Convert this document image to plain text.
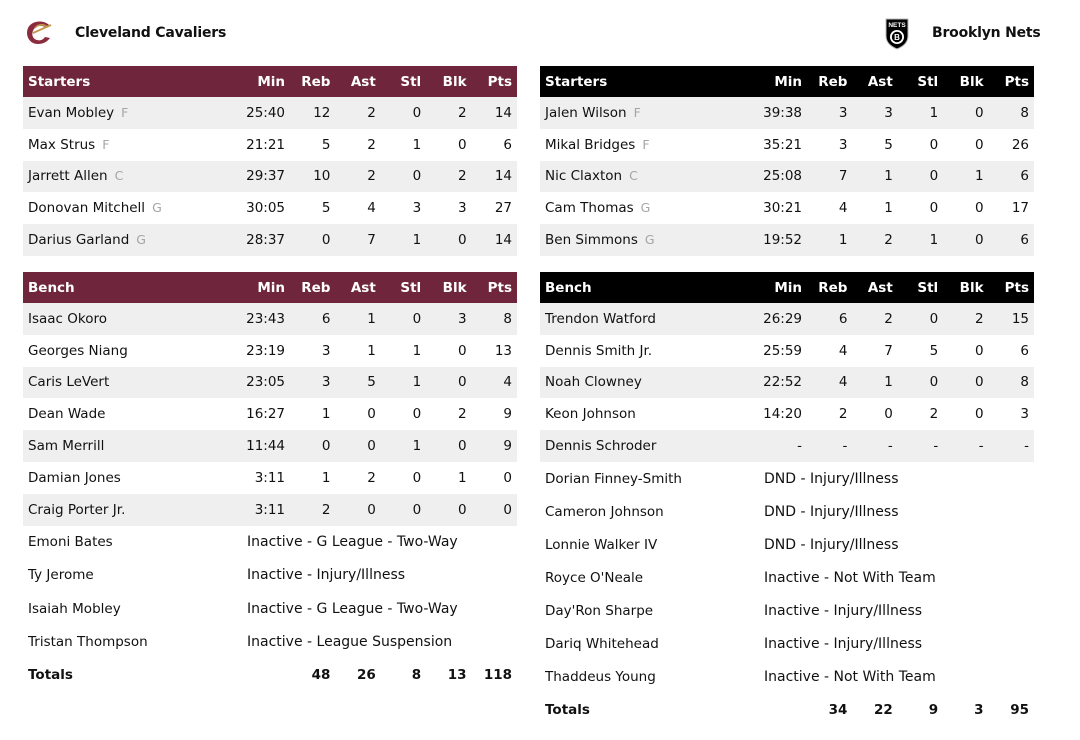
Cleveland Cavaliers	B
NETS Brooklyn Nets
Starters	Min	Reb	Ast	Stl	Blk	Pts
Evan Mobley F	25:40	12	2	0	2	14
Max Strus F	21:21	5	2	1	0	6
Jarrett Allen C	29:37	10	2	0	2	14
Donovan Mitchell G	30:05	5	4	3	3	27
Darius Garland G	28:37	0	7	1	0	14
Bench	Min	Reb	Ast	Stl	Blk	Pts
Isaac Okoro	23:43	6	1	0	3	8
Georges Niang	23:19	3	1	1	0	13
Caris LeVert	23:05	3	5	1	0	4
Dean Wade	16:27	1	0	0	2	9
Sam Merrill	11:44	0	0	1	0	9
Damian Jones	3:11	1	2	0	1	0
Craig Porter Jr.	3:11	2	0	0	0	0
Emoni Bates	Inactive - G League - Two-Way					
Ty Jerome	Inactive - Injury/Illness					
Isaiah Mobley	Inactive - G League - Two-Way					
Tristan Thompson	Inactive - League Suspension					
Totals		48	26	8	13	118
Starters	Min	Reb	Ast	Stl	Blk	Pts
Jalen Wilson F	39:38	3	3	1	0	8
Mikal Bridges F	35:21	3	5	0	0	26
Nic Claxton C	25:08	7	1	0	1	6
Cam Thomas G	30:21	4	1	0	0	17
Ben Simmons G	19:52	1	2	1	0	6
Bench	Min	Reb	Ast	Stl	Blk	Pts
Trendon Watford	26:29	6	2	0	2	15
Dennis Smith Jr.	25:59	4	7	5	0	6
Noah Clowney	22:52	4	1	0	0	8
Keon Johnson	14:20	2	0	2	0	3
Dennis Schroder	-	-	-	-	-	-
Dorian Finney-Smith	DND - Injury/Illness					
Cameron Johnson	DND - Injury/Illness					
Lonnie Walker IV	DND - Injury/Illness					
Royce O'Neale	Inactive - Not With Team					
Day'Ron Sharpe	Inactive - Injury/Illness					
Dariq Whitehead	Inactive - Injury/Illness					
Thaddeus Young	Inactive - Not With Team					
Totals		34	22	9	3	95
